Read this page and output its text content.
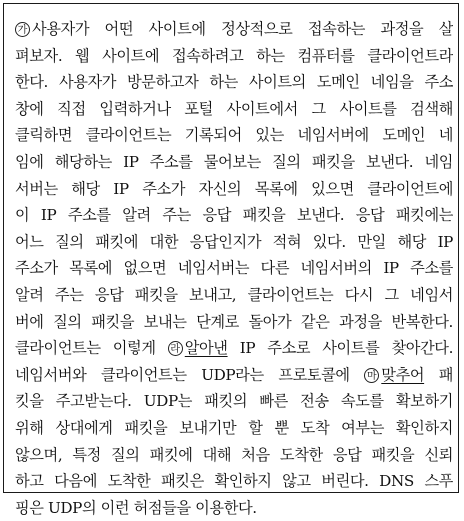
가 사용자가 어떤 사이트에 정상적으로 접속하는 과정을 살
펴보자. 웹 사이트에 접속하려고 하는 컴퓨터를 클라이언트라
한다. 사용자가 방문하고자 하는 사이트의 도메인 네임을 주소
창에 직접 입력하거나 포털 사이트에서 그 사이트를 검색해
클릭하면 클라이언트는 기록되어 있는 네임서버에 도메인 네
임에 해당하는 IP 주소를 물어보는 질의 패킷을 보낸다. 네임
서버는 해당 IP 주소가 자신의 목록에 있으면 클라이언트에
이 IP 주소를 알려 주는 응답 패킷을 보낸다. 응답 패킷에는
어느 질의 패킷에 대한 응답인지가 적혀 있다. 만일 해당 IP
주소가 목록에 없으면 네임서버는 다른 네임서버의 IP 주소를
알려 주는 응답 패킷을 보내고, 클라이언트는 다시 그 네임서
버에 질의 패킷을 보내는 단계로 돌아가 같은 과정을 반복한다.
클라이언트는 이렇게 라 알아낸 IP 주소로 사이트를 찾아간다.
네임서버와 클라이언트는 UDP라는 프로토콜에 마 맞추어 패
킷을 주고받는다. UDP는 패킷의 빠른 전송 속도를 확보하기
위해 상대에게 패킷을 보내기만 할 뿐 도착 여부는 확인하지
않으며, 특정 질의 패킷에 대해 처음 도착한 응답 패킷을 신뢰
하고 다음에 도착한 패킷은 확인하지 않고 버린다. DNS 스푸
핑은 UDP의 이런 허점들을 이용한다.
